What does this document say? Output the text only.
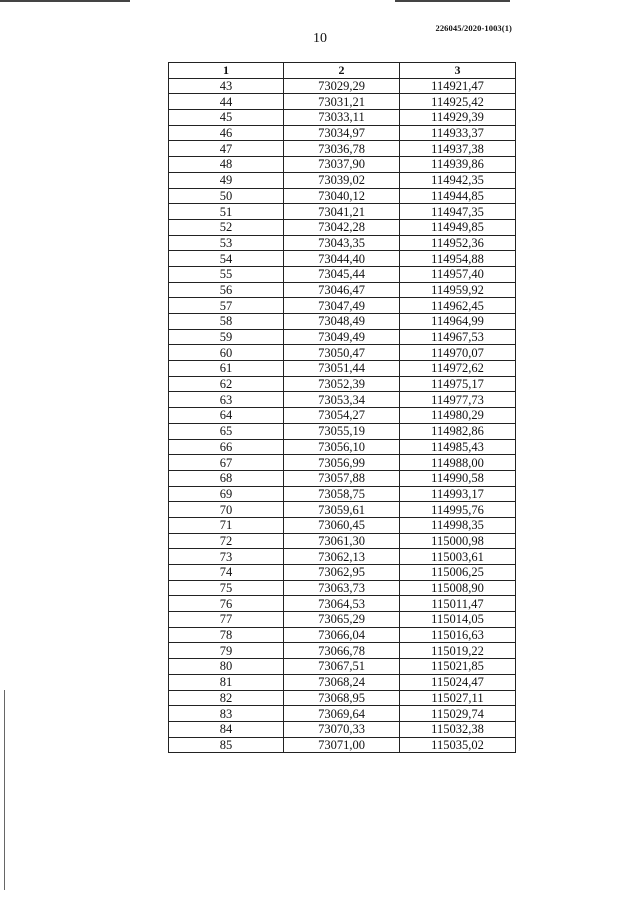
226045/2020-1003(1)
10
1	2	3
43	73029,29	114921,47
44	73031,21	114925,42
45	73033,11	114929,39
46	73034,97	114933,37
47	73036,78	114937,38
48	73037,90	114939,86
49	73039,02	114942,35
50	73040,12	114944,85
51	73041,21	114947,35
52	73042,28	114949,85
53	73043,35	114952,36
54	73044,40	114954,88
55	73045,44	114957,40
56	73046,47	114959,92
57	73047,49	114962,45
58	73048,49	114964,99
59	73049,49	114967,53
60	73050,47	114970,07
61	73051,44	114972,62
62	73052,39	114975,17
63	73053,34	114977,73
64	73054,27	114980,29
65	73055,19	114982,86
66	73056,10	114985,43
67	73056,99	114988,00
68	73057,88	114990,58
69	73058,75	114993,17
70	73059,61	114995,76
71	73060,45	114998,35
72	73061,30	115000,98
73	73062,13	115003,61
74	73062,95	115006,25
75	73063,73	115008,90
76	73064,53	115011,47
77	73065,29	115014,05
78	73066,04	115016,63
79	73066,78	115019,22
80	73067,51	115021,85
81	73068,24	115024,47
82	73068,95	115027,11
83	73069,64	115029,74
84	73070,33	115032,38
85	73071,00	115035,02
